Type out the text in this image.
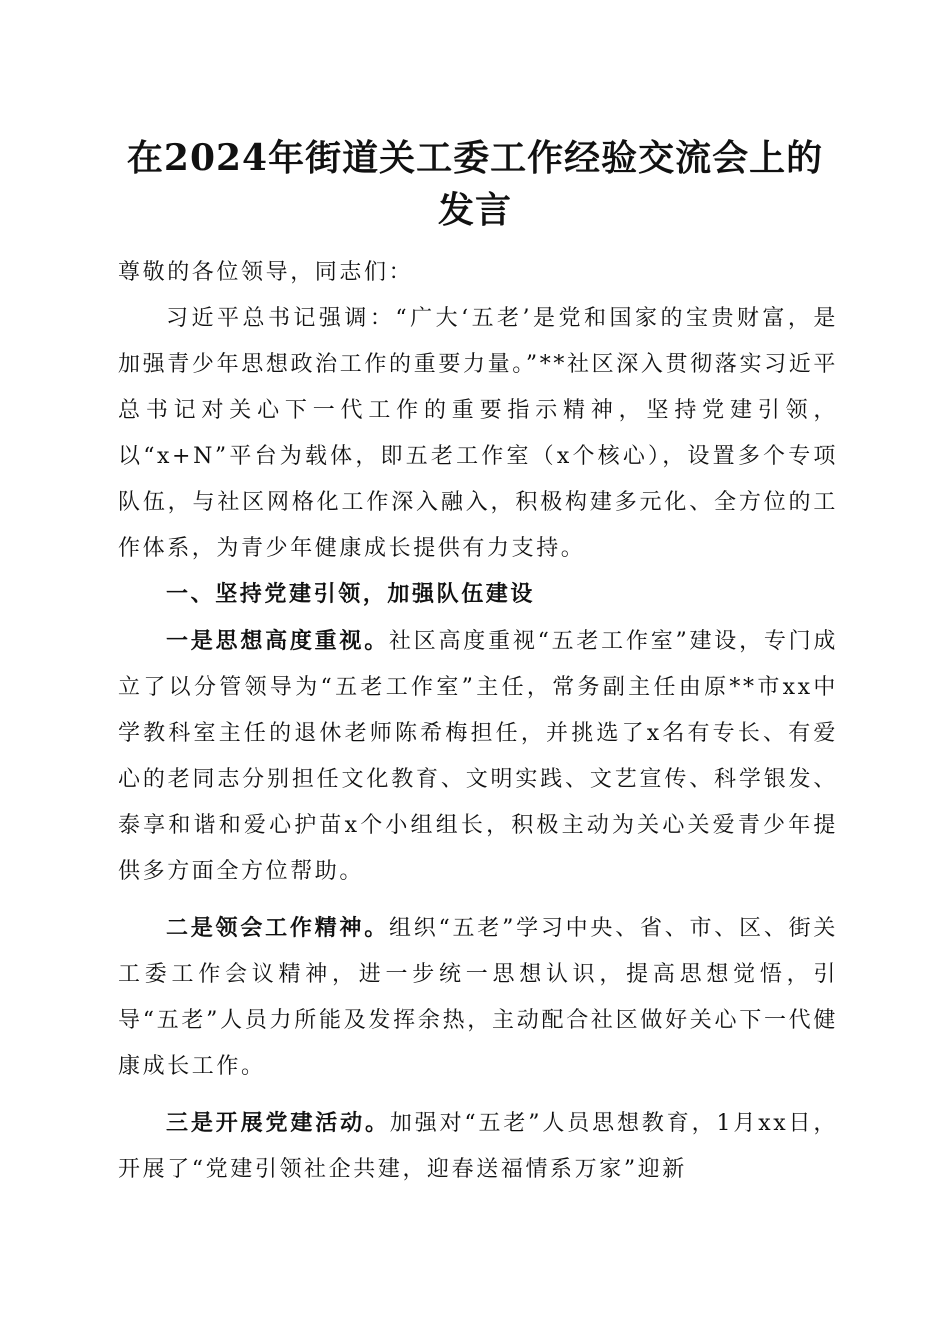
在2024年街道关工委工作经验交流会上的发言

尊敬的各位领导，同志们：

习近平总书记强调：“广大‘五老’是党和国家的宝贵财富，是加强青少年思想政治工作的重要力量。”**社区深入贯彻落实习近平总书记对关心下一代工作的重要指示精神，坚持党建引领，以“x+N”平台为载体，即五老工作室（x个核心），设置多个专项队伍，与社区网格化工作深入融入，积极构建多元化、全方位的工作体系，为青少年健康成长提供有力支持。

一、坚持党建引领，加强队伍建设

一是思想高度重视。社区高度重视“五老工作室”建设，专门成立了以分管领导为“五老工作室”主任，常务副主任由原**市xx中学教科室主任的退休老师陈希梅担任，并挑选了x名有专长、有爱心的老同志分别担任文化教育、文明实践、文艺宣传、科学银发、泰享和谐和爱心护苗x个小组组长，积极主动为关心关爱青少年提供多方面全方位帮助。

二是领会工作精神。组织“五老”学习中央、省、市、区、街关工委工作会议精神，进一步统一思想认识，提高思想觉悟，引导“五老”人员力所能及发挥余热，主动配合社区做好关心下一代健康成长工作。

三是开展党建活动。加强对“五老”人员思想教育，1月xx日，开展了“党建引领社企共建，迎春送福情系万家”迎新
